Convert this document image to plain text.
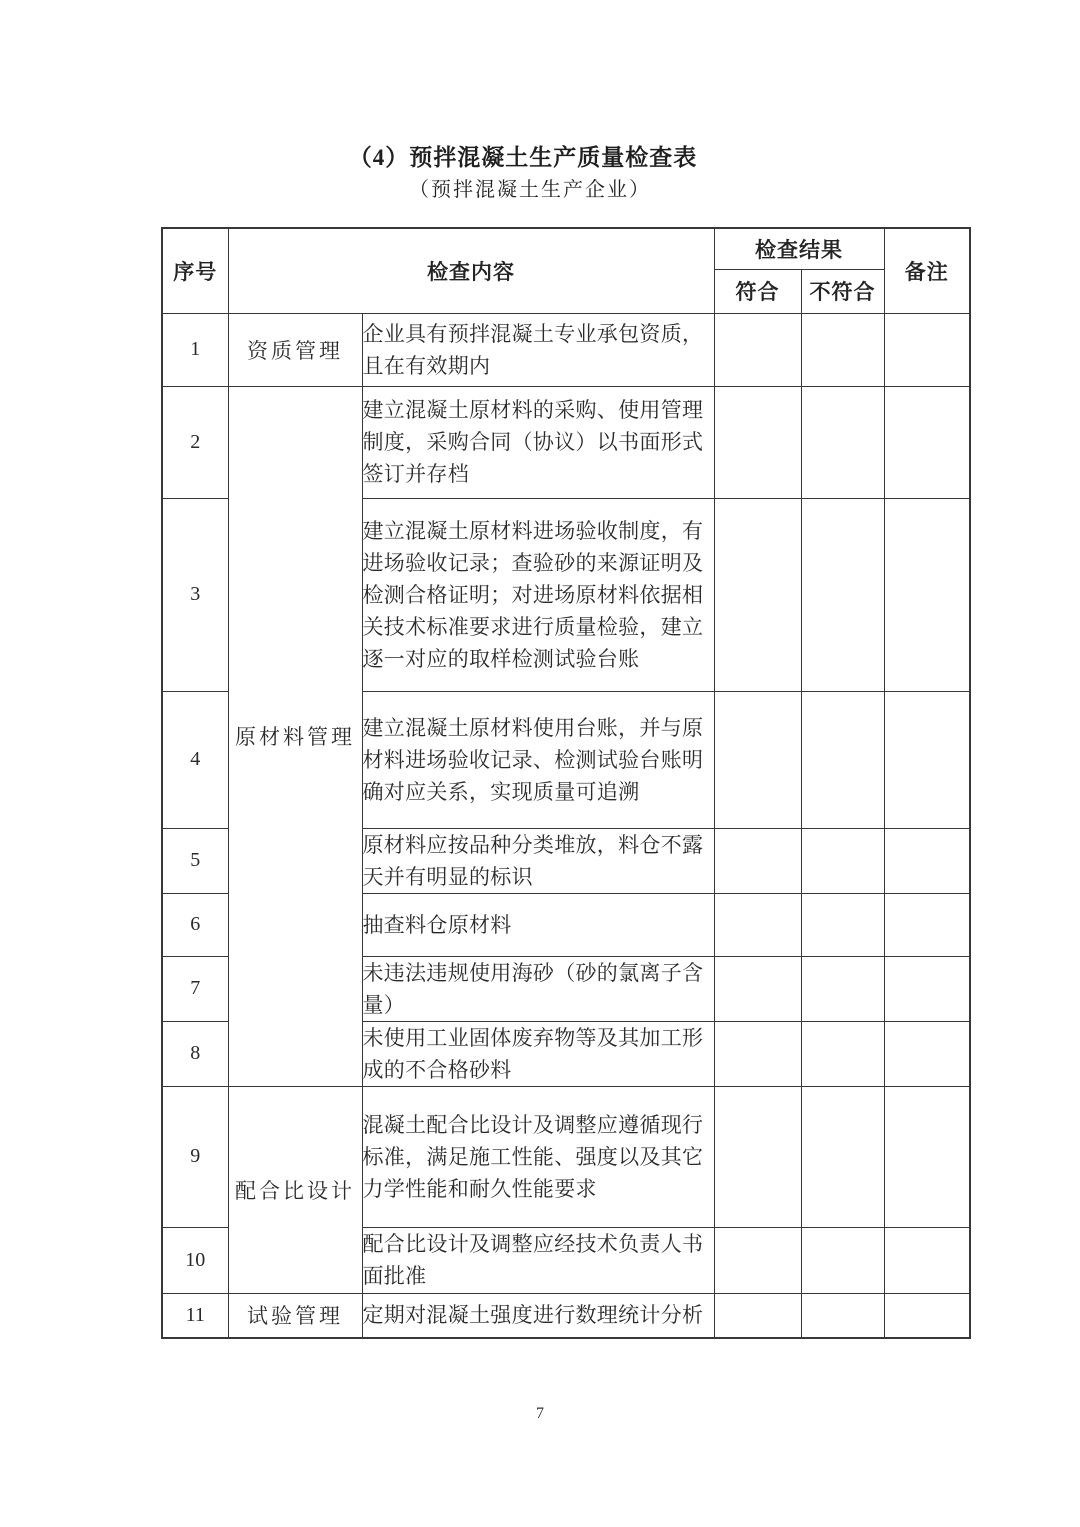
（4）预拌混凝土生产质量检查表
（预拌混凝土生产企业）
序号	检查内容		检查结果		备注
			符合	不符合	
1	资质管理	企业具有预拌混凝土专业承包资质，且在有效期内			
2	原材料管理	建立混凝土原材料的采购、使用管理制度，采购合同（协议）以书面形式签订并存档			
3		建立混凝土原材料进场验收制度，有进场验收记录；查验砂的来源证明及检测合格证明；对进场原材料依据相关技术标准要求进行质量检验，建立逐一对应的取样检测试验台账			
4		建立混凝土原材料使用台账，并与原材料进场验收记录、检测试验台账明确对应关系，实现质量可追溯			
5		原材料应按品种分类堆放，料仓不露天并有明显的标识			
6		抽查料仓原材料			
7		未违法违规使用海砂（砂的氯离子含量）			
8		未使用工业固体废弃物等及其加工形成的不合格砂料			
9	配合比设计	混凝土配合比设计及调整应遵循现行标准，满足施工性能、强度以及其它力学性能和耐久性能要求			
10		配合比设计及调整应经技术负责人书面批准			
11	试验管理	定期对混凝土强度进行数理统计分析			
7
